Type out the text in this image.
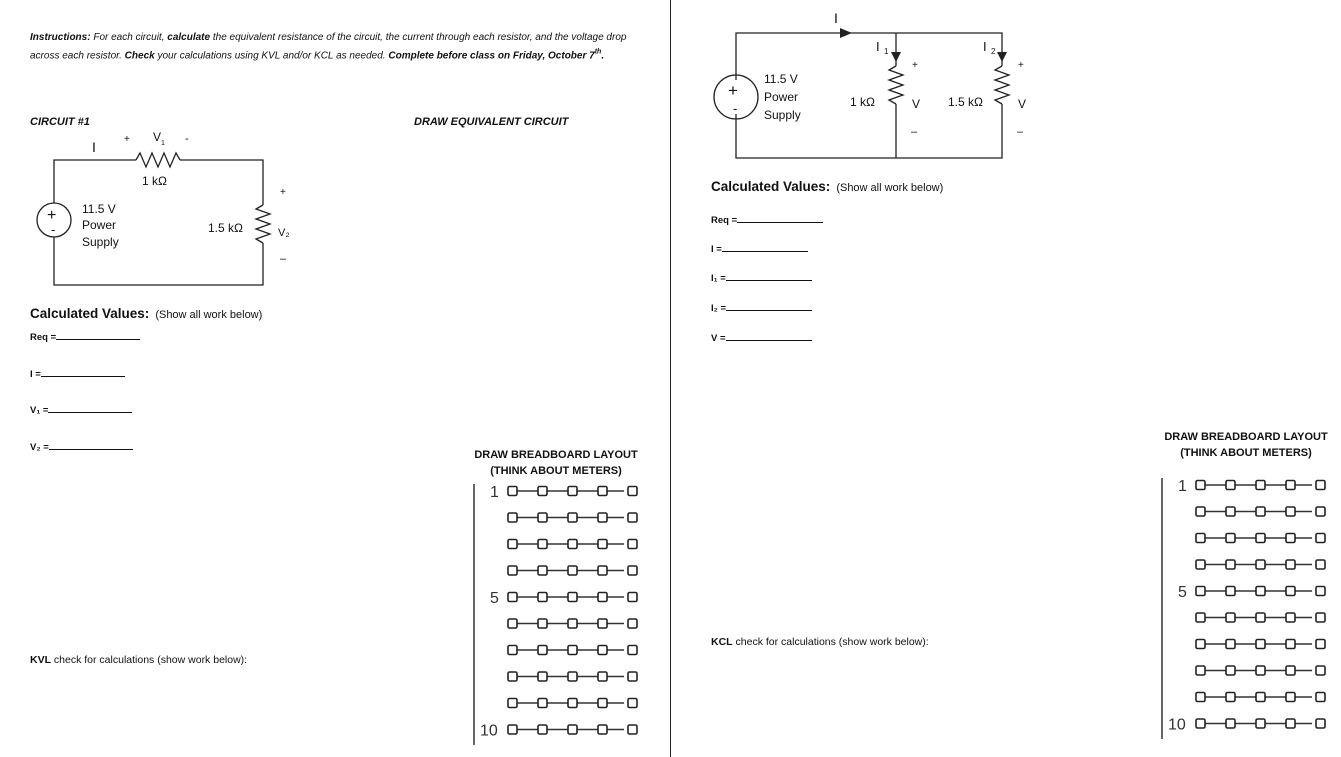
Instructions: For each circuit, calculate the equivalent resistance of the circuit, the current through each resistor, and the voltage drop across each resistor. Check your calculations using KVL and/or KCL as needed. Complete before class on Friday, October 7th.
CIRCUIT #1	DRAW EQUIVALENT CIRCUIT
+
-
I	+ V 1 -
1 kΩ
+
1.5 kΩ	V₂
–
11.5 V
Power
Supply
Calculated Values: (Show all work below)
Req =
I =
V₁ =
V₂ =
KVL check for calculations (show work below):
DRAW BREADBOARD LAYOUT
(THINK ABOUT METERS)
1
5
10
I
I 1	I 2
+	+
1 kΩ	V 1.5 kΩ	V
–	–
+
-
11.5 V
Power
Supply
Calculated Values: (Show all work below)
Req =
I =
I₁ =
I₂ =
V =
KCL check for calculations (show work below):
DRAW BREADBOARD LAYOUT
(THINK ABOUT METERS)
1
5
10
